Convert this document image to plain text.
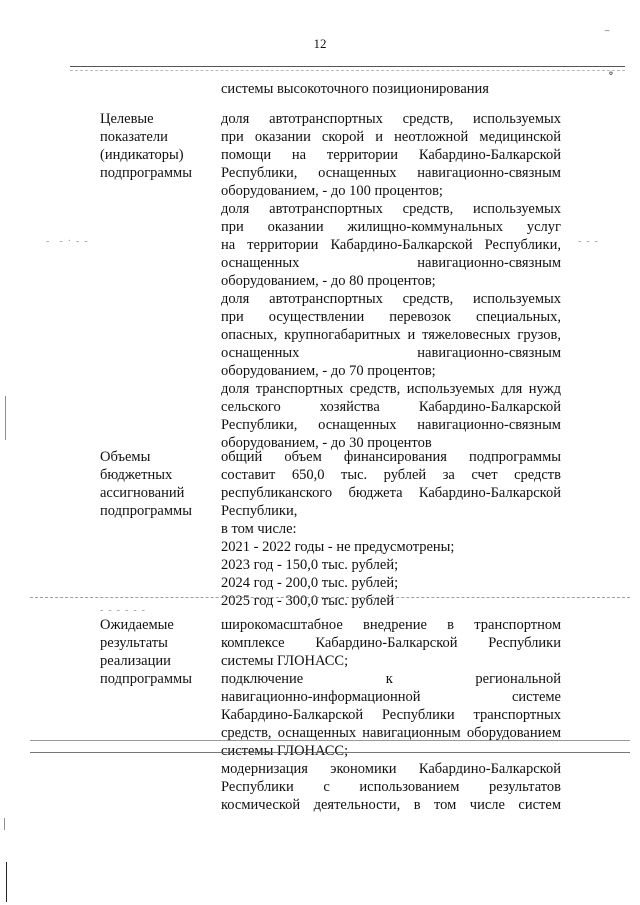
12
⁻
∘
системы высокоточного позиционирования
Целевые
показатели
(индикаторы)
подпрограммы
доля автотранспортных средств, используемых
при оказании скорой и неотложной медицинской
помощи на территории Кабардино-Балкарской
Республики, оснащенных навигационно-связным
оборудованием, - до 100 процентов;
доля автотранспортных средств, используемых
при оказании жилищно-коммунальных услуг
на территории Кабардино-Балкарской Республики,
оснащенных навигационно-связным
оборудованием, - до 80 процентов;
доля автотранспортных средств, используемых
при осуществлении перевозок специальных,
опасных, крупногабаритных и тяжеловесных грузов,
оснащенных навигационно-связным
оборудованием, - до 70 процентов;
доля транспортных средств, используемых для нужд
сельского хозяйства Кабардино-Балкарской
Республики, оснащенных навигационно-связным
оборудованием, - до 30 процентов
-    -  ·  -  -	-  -  -
Объемы
бюджетных
ассигнований
подпрограммы
общий объем финансирования подпрограммы
составит 650,0 тыс. рублей за счет средств
республиканского бюджета Кабардино-Балкарской
Республики,
в том числе:
2021 - 2022 годы - не предусмотрены;
2023 год - 150,0 тыс. рублей;
2024 год - 200,0 тыс. рублей;
2025 год - 300,0 тыс. рублей
-  -  -  -  -  -
Ожидаемые
результаты
реализации
подпрограммы
широкомасштабное внедрение в транспортном
комплексе Кабардино-Балкарской Республики
системы ГЛОНАСС;
подключение к региональной
навигационно-информационной системе
Кабардино-Балкарской Республики транспортных
средств, оснащенных навигационным оборудованием
системы ГЛОНАСС;
модернизация экономики Кабардино-Балкарской
Республики с использованием результатов
космической деятельности, в том числе систем
